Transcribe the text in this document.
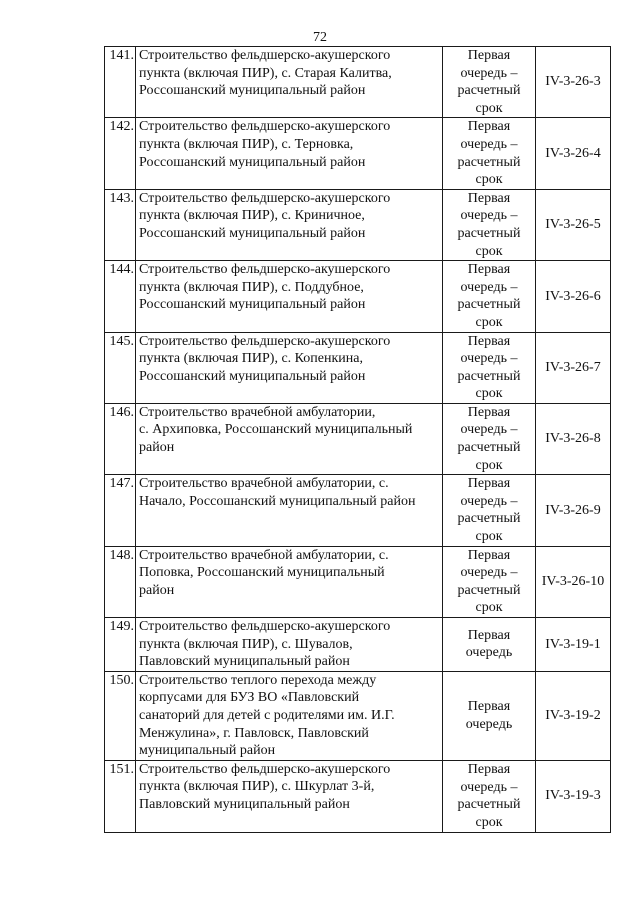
72
141.	Строительство фельдшерско-акушерского
пункта (включая ПИР), с. Старая Калитва,
Россошанский муниципальный район	Первая
очередь –
расчетный
срок	IV-3-26-3
142.	Строительство фельдшерско-акушерского
пункта (включая ПИР), с. Терновка,
Россошанский муниципальный район	Первая
очередь –
расчетный
срок	IV-3-26-4
143.	Строительство фельдшерско-акушерского
пункта (включая ПИР), с. Криничное,
Россошанский муниципальный район	Первая
очередь –
расчетный
срок	IV-3-26-5
144.	Строительство фельдшерско-акушерского
пункта (включая ПИР), с. Поддубное,
Россошанский муниципальный район	Первая
очередь –
расчетный
срок	IV-3-26-6
145.	Строительство фельдшерско-акушерского
пункта (включая ПИР), с. Копенкина,
Россошанский муниципальный район	Первая
очередь –
расчетный
срок	IV-3-26-7
146.	Строительство врачебной амбулатории,
с. Архиповка, Россошанский муниципальный
район	Первая
очередь –
расчетный
срок	IV-3-26-8
147.	Строительство врачебной амбулатории, с.
Начало, Россошанский муниципальный район	Первая
очередь –
расчетный
срок	IV-3-26-9
148.	Строительство врачебной амбулатории, с.
Поповка, Россошанский муниципальный
район	Первая
очередь –
расчетный
срок	IV-3-26-10
149.	Строительство фельдшерско-акушерского
пункта (включая ПИР), с. Шувалов,
Павловский муниципальный район	Первая
очередь	IV-3-19-1
150.	Строительство теплого перехода между
корпусами для БУЗ ВО «Павловский
санаторий для детей с родителями им. И.Г.
Менжулина», г. Павловск, Павловский
муниципальный район	Первая
очередь	IV-3-19-2
151.	Строительство фельдшерско-акушерского
пункта (включая ПИР), с. Шкурлат 3-й,
Павловский муниципальный район	Первая
очередь –
расчетный
срок	IV-3-19-3
